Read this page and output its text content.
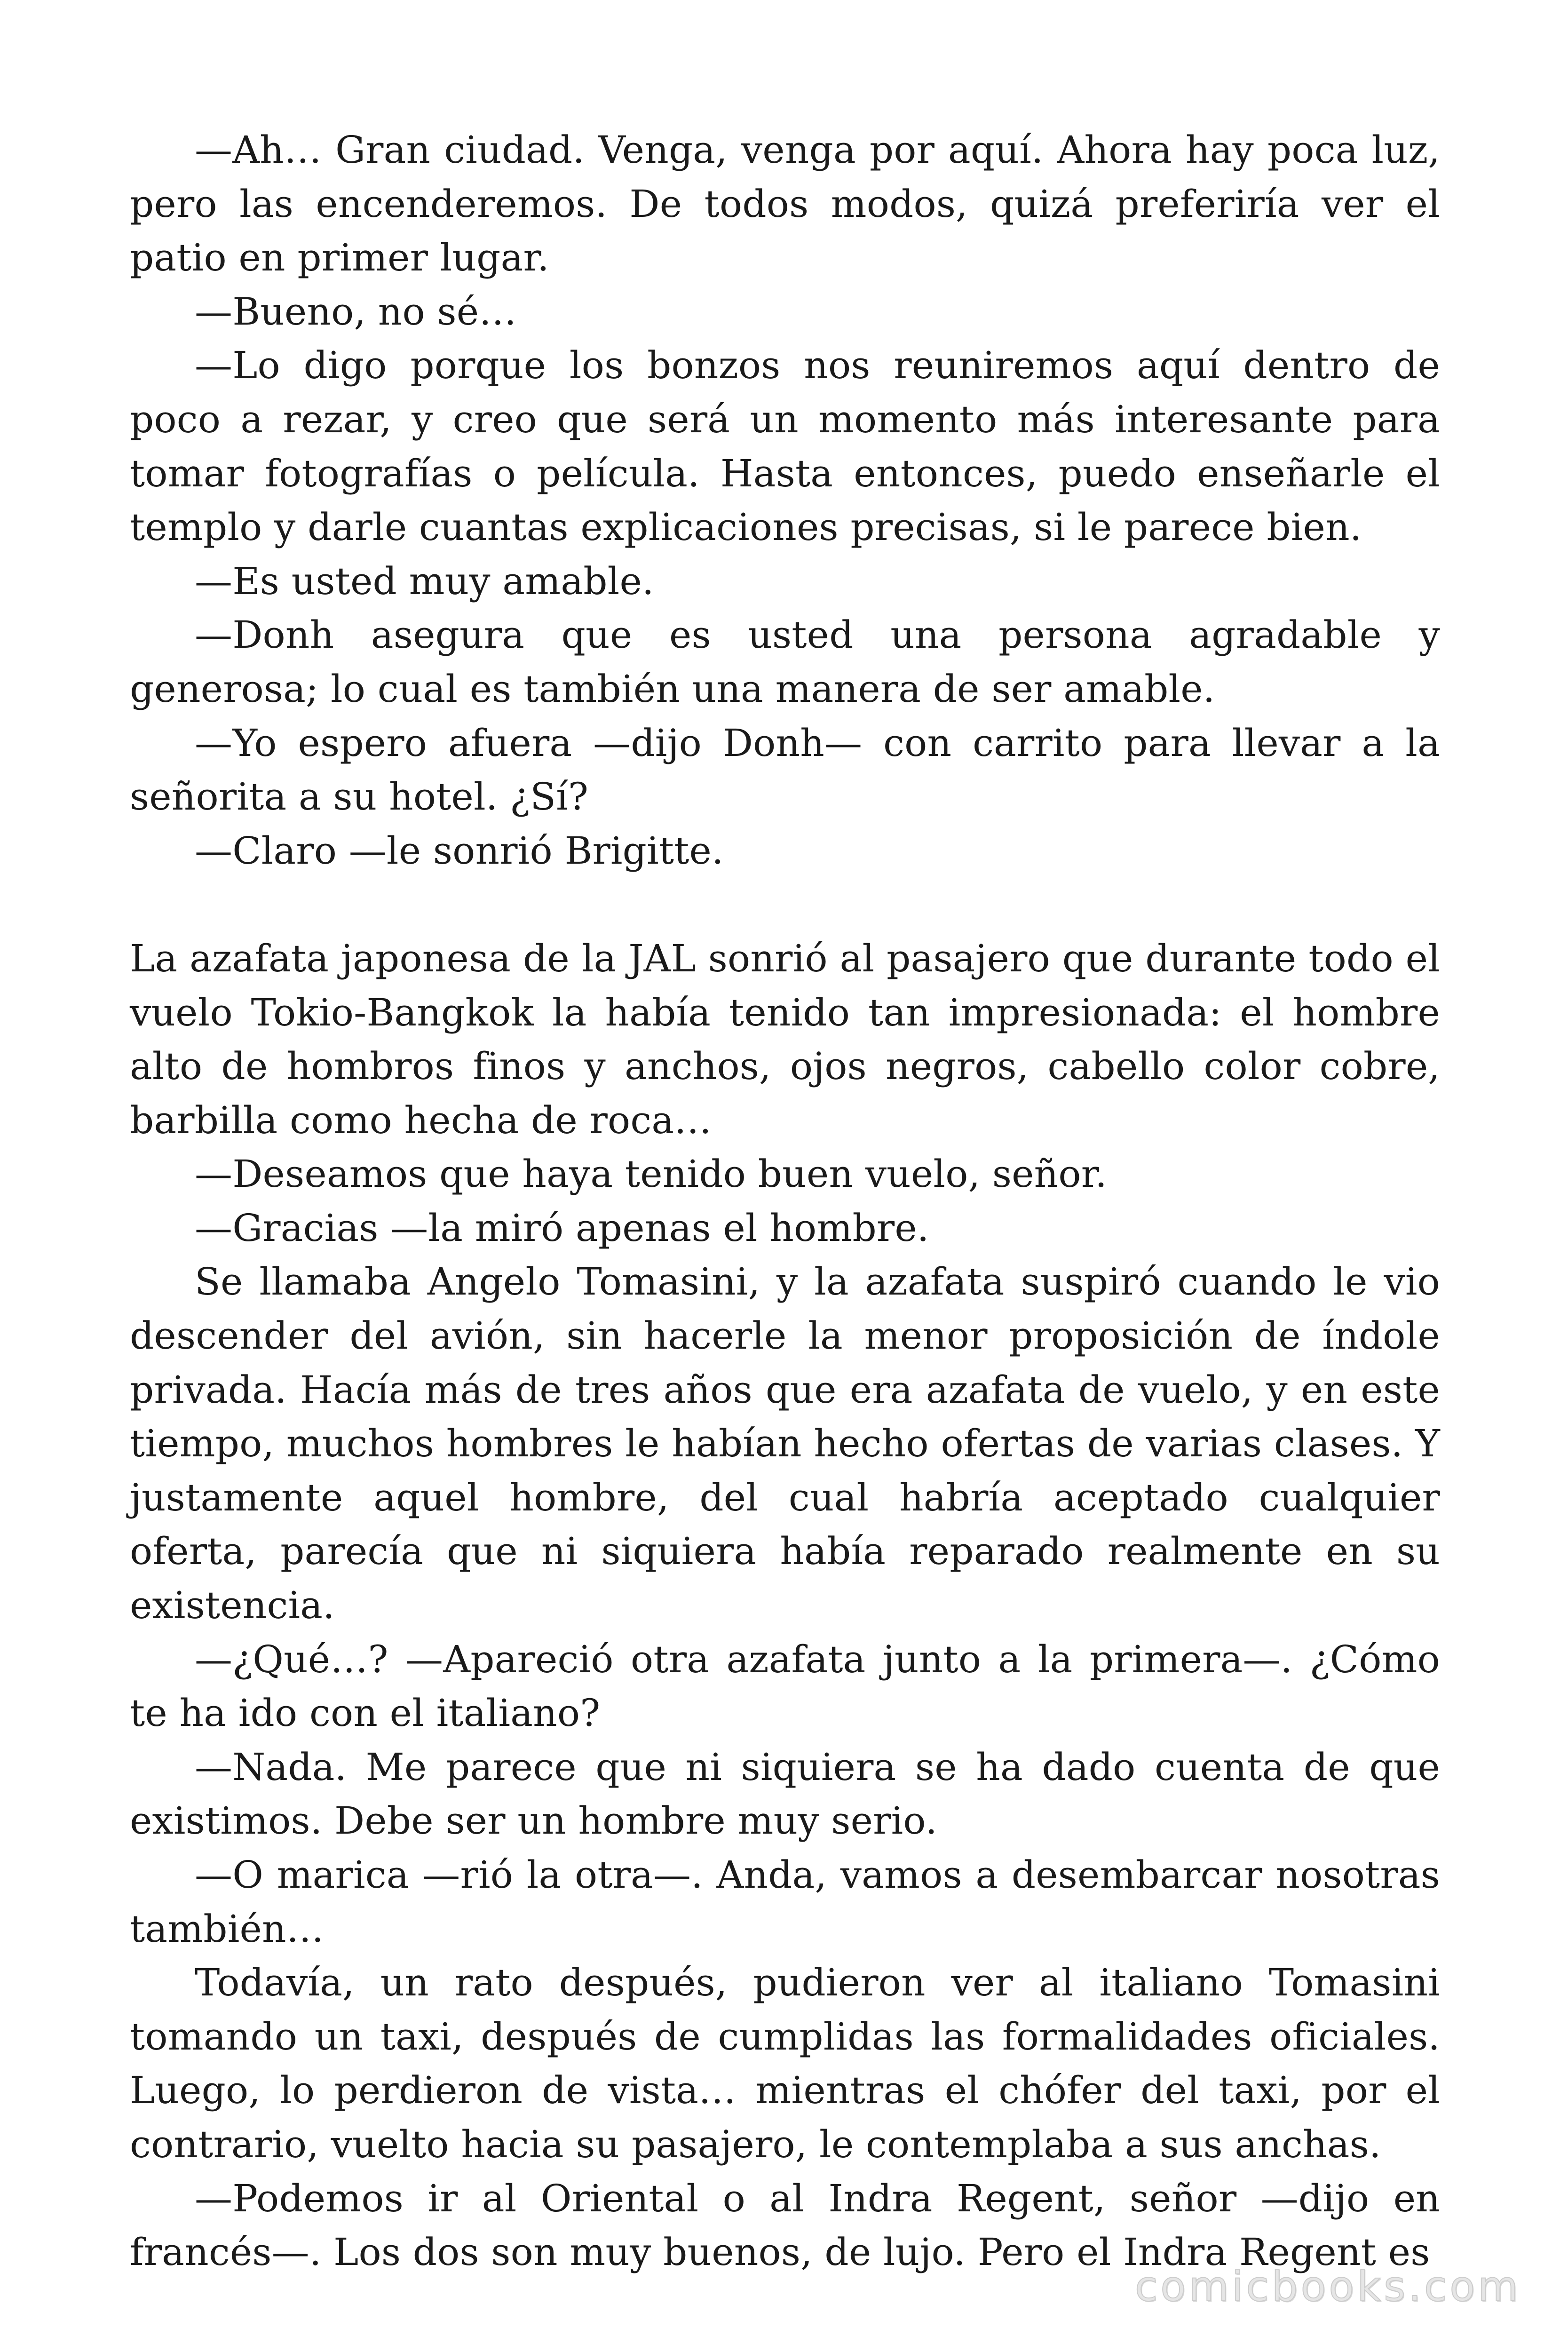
—Ah… Gran ciudad. Venga, venga por aquí. Ahora hay poca luz, pero las encenderemos. De todos modos, quizá preferiría ver el patio en primer lugar.

—Bueno, no sé…

—Lo digo porque los bonzos nos reuniremos aquí dentro de poco a rezar, y creo que será un momento más interesante para tomar fotografías o película. Hasta entonces, puedo enseñarle el templo y darle cuantas explicaciones precisas, si le parece bien.

—Es usted muy amable.

—Donh asegura que es usted una persona agradable y generosa; lo cual es también una manera de ser amable.

—Yo espero afuera —dijo Donh— con carrito para llevar a la señorita a su hotel. ¿Sí?

—Claro —le sonrió Brigitte.

La azafata japonesa de la JAL sonrió al pasajero que durante todo el vuelo Tokio-Bangkok la había tenido tan impresionada: el hombre alto de hombros finos y anchos, ojos negros, cabello color cobre, barbilla como hecha de roca…

—Deseamos que haya tenido buen vuelo, señor.

—Gracias —la miró apenas el hombre.

Se llamaba Angelo Tomasini, y la azafata suspiró cuando le vio descender del avión, sin hacerle la menor proposición de índole privada. Hacía más de tres años que era azafata de vuelo, y en este tiempo, muchos hombres le habían hecho ofertas de varias clases. Y justamente aquel hombre, del cual habría aceptado cualquier oferta, parecía que ni siquiera había reparado realmente en su existencia.

—¿Qué…? —Apareció otra azafata junto a la primera—. ¿Cómo te ha ido con el italiano?

—Nada. Me parece que ni siquiera se ha dado cuenta de que existimos. Debe ser un hombre muy serio.

—O marica —rió la otra—. Anda, vamos a desembarcar nosotras también…

Todavía, un rato después, pudieron ver al italiano Tomasini tomando un taxi, después de cumplidas las formalidades oficiales. Luego, lo perdieron de vista… mientras el chófer del taxi, por el contrario, vuelto hacia su pasajero, le contemplaba a sus anchas.

—Podemos ir al Oriental o al Indra Regent, señor —dijo en francés—. Los dos son muy buenos, de lujo. Pero el Indra Regent es

comicbooks.com
